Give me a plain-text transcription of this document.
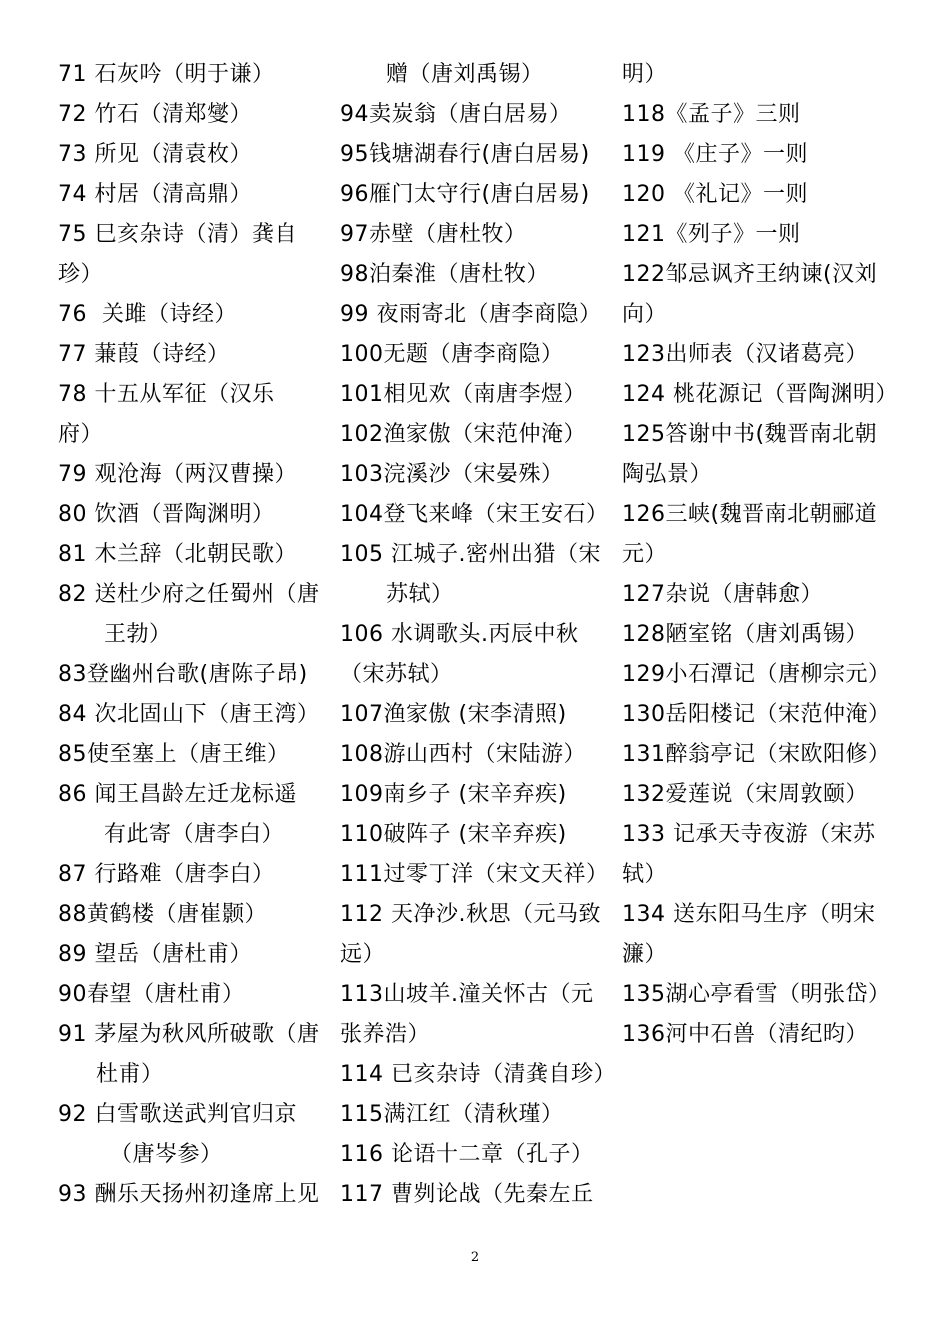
71 石灰吟（明于谦）
72 竹石（清郑燮）
73 所见（清袁枚）
74 村居（清高鼎）
75 巳亥杂诗（清）龚自
珍）
76  关雎（诗经）
77 蒹葭（诗经）
78 十五从军征（汉乐
府）
79 观沧海（两汉曹操）
80 饮酒（晋陶渊明）
81 木兰辞（北朝民歌）
82 送杜少府之任蜀州（唐
王勃）
83登幽州台歌(唐陈子昂)
84 次北固山下（唐王湾）
85使至塞上（唐王维）
86 闻王昌龄左迁龙标遥
有此寄（唐李白）
87 行路难（唐李白）
88黄鹤楼（唐崔颢）
89 望岳（唐杜甫）
90春望（唐杜甫）
91 茅屋为秋风所破歌（唐
杜甫）
92 白雪歌送武判官归京
（唐岑参）
93 酬乐天扬州初逢席上见
赠（唐刘禹锡）
94卖炭翁（唐白居易）
95钱塘湖春行(唐白居易)
96雁门太守行(唐白居易)
97赤壁（唐杜牧）
98泊秦淮（唐杜牧）
99 夜雨寄北（唐李商隐）
100无题（唐李商隐）
101相见欢（南唐李煜）
102渔家傲（宋范仲淹）
103浣溪沙（宋晏殊）
104登飞来峰（宋王安石）
105 江城子.密州出猎（宋
苏轼）
106 水调歌头.丙辰中秋
（宋苏轼）
107渔家傲 (宋李清照)
108游山西村（宋陆游）
109南乡子 (宋辛弃疾)
110破阵子 (宋辛弃疾)
111过零丁洋（宋文天祥）
112 天净沙.秋思（元马致
远）
113山坡羊.潼关怀古（元
张养浩）
114 已亥杂诗（清龚自珍）
115满江红（清秋瑾）
116 论语十二章（孔子）
117 曹刿论战（先秦左丘
明）
118《孟子》三则
119 《庄子》一则
120 《礼记》一则
121《列子》一则
122邹忌讽齐王纳谏(汉刘
向）
123出师表（汉诸葛亮）
124 桃花源记（晋陶渊明）
125答谢中书(魏晋南北朝
陶弘景）
126三峡(魏晋南北朝郦道
元）
127杂说（唐韩愈）
128陋室铭（唐刘禹锡）
129小石潭记（唐柳宗元）
130岳阳楼记（宋范仲淹）
131醉翁亭记（宋欧阳修）
132爱莲说（宋周敦颐）
133 记承天寺夜游（宋苏
轼）
134 送东阳马生序（明宋
濂）
135湖心亭看雪（明张岱）
136河中石兽（清纪昀）
2
